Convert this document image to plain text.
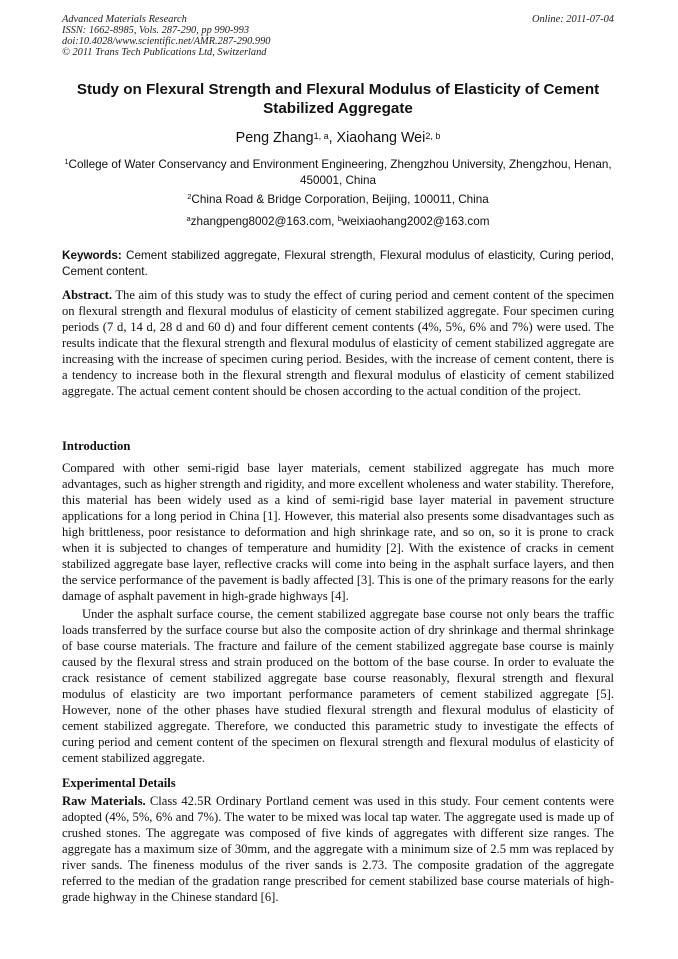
Advanced Materials Research
ISSN: 1662-8985, Vols. 287-290, pp 990-993
doi:10.4028/www.scientific.net/AMR.287-290.990
© 2011 Trans Tech Publications Ltd, Switzerland
Online: 2011-07-04
Study on Flexural Strength and Flexural Modulus of Elasticity of Cement Stabilized Aggregate
Peng Zhang$^{1, a}$, Xiaohang Wei$^{2, b}$
$^1$College of Water Conservancy and Environment Engineering, Zhengzhou University, Zhengzhou, Henan, 450001, China
$^2$China Road & Bridge Corporation, Beijing, 100011, China
$^a$zhangpeng8002@163.com, $^b$weixiaohang2002@163.com
Keywords: Cement stabilized aggregate, Flexural strength, Flexural modulus of elasticity, Curing period, Cement content.
Abstract. The aim of this study was to study the effect of curing period and cement content of the specimen on flexural strength and flexural modulus of elasticity of cement stabilized aggregate. Four specimen curing periods (7 d, 14 d, 28 d and 60 d) and four different cement contents (4%, 5%, 6% and 7%) were used. The results indicate that the flexural strength and flexural modulus of elasticity of cement stabilized aggregate are increasing with the increase of specimen curing period. Besides, with the increase of cement content, there is a tendency to increase both in the flexural strength and flexural modulus of elasticity of cement stabilized aggregate. The actual cement content should be chosen according to the actual condition of the project.
Introduction
Compared with other semi-rigid base layer materials, cement stabilized aggregate has much more advantages, such as higher strength and rigidity, and more excellent wholeness and water stability. Therefore, this material has been widely used as a kind of semi-rigid base layer material in pavement structure applications for a long period in China [1]. However, this material also presents some disadvantages such as high brittleness, poor resistance to deformation and high shrinkage rate, and so on, so it is prone to crack when it is subjected to changes of temperature and humidity [2]. With the existence of cracks in cement stabilized aggregate base layer, reflective cracks will come into being in the asphalt surface layers, and then the service performance of the pavement is badly affected [3]. This is one of the primary reasons for the early damage of asphalt pavement in high-grade highways [4].
Under the asphalt surface course, the cement stabilized aggregate base course not only bears the traffic loads transferred by the surface course but also the composite action of dry shrinkage and thermal shrinkage of base course materials. The fracture and failure of the cement stabilized aggregate base course is mainly caused by the flexural stress and strain produced on the bottom of the base course. In order to evaluate the crack resistance of cement stabilized aggregate base course reasonably, flexural strength and flexural modulus of elasticity are two important performance parameters of cement stabilized aggregate [5]. However, none of the other phases have studied flexural strength and flexural modulus of elasticity of cement stabilized aggregate. Therefore, we conducted this parametric study to investigate the effects of curing period and cement content of the specimen on flexural strength and flexural modulus of elasticity of cement stabilized aggregate.
Experimental Details
Raw Materials. Class 42.5R Ordinary Portland cement was used in this study. Four cement contents were adopted (4%, 5%, 6% and 7%). The water to be mixed was local tap water. The aggregate used is made up of crushed stones. The aggregate was composed of five kinds of aggregates with different size ranges. The aggregate has a maximum size of 30mm, and the aggregate with a minimum size of 2.5 mm was replaced by river sands. The fineness modulus of the river sands is 2.73. The composite gradation of the aggregate referred to the median of the gradation range prescribed for cement stabilized base course materials of high-grade highway in the Chinese standard [6].
